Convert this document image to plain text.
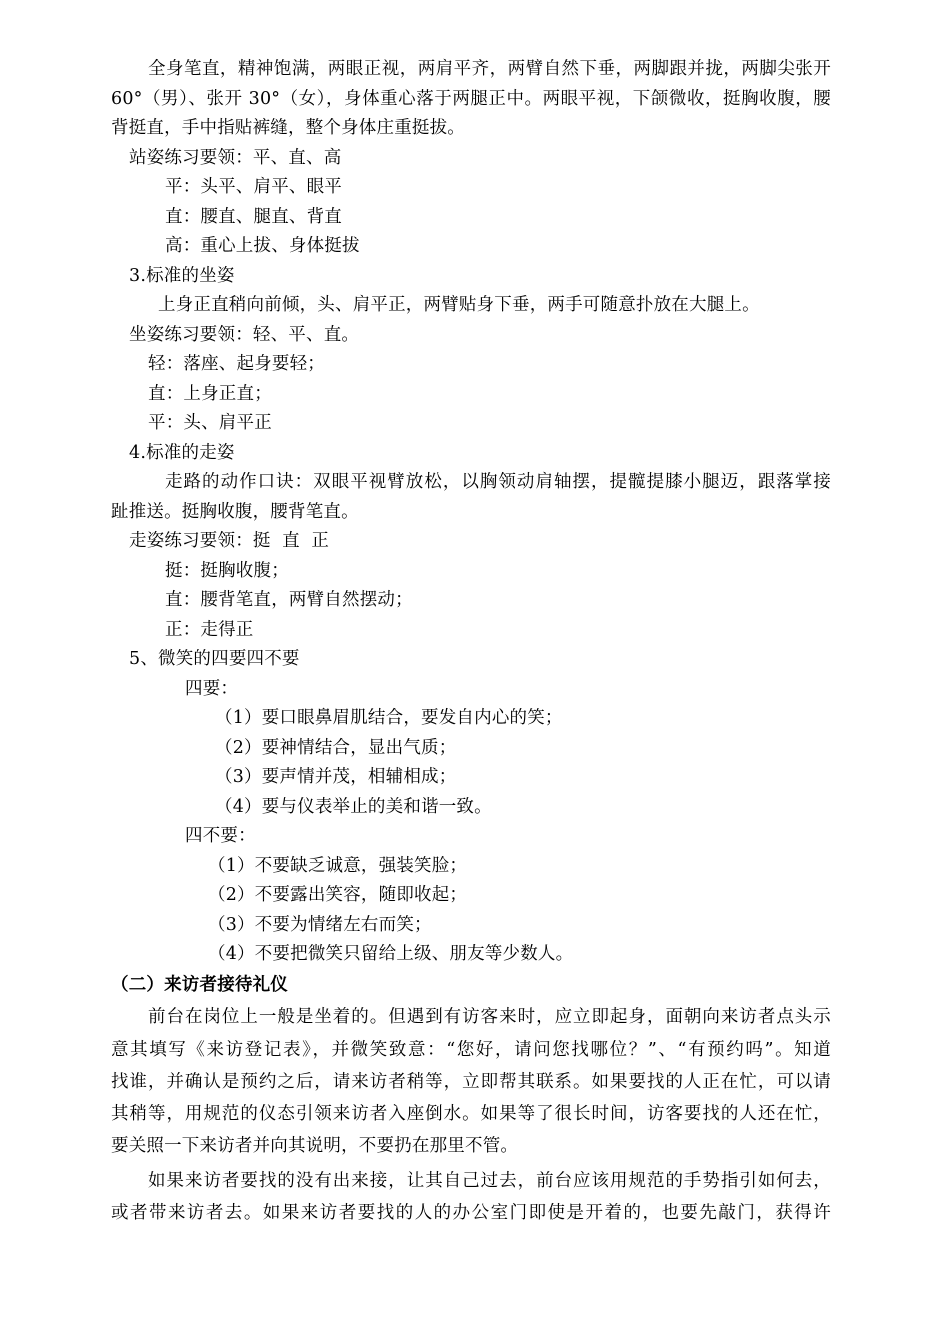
全身笔直，精神饱满，两眼正视，两肩平齐，两臂自然下垂，两脚跟并拢，两脚尖张开
60°（男）、张开 30°（女），身体重心落于两腿正中。两眼平视，下颌微收，挺胸收腹，腰
背挺直，手中指贴裤缝，整个身体庄重挺拔。
站姿练习要领：平、直、高
平：头平、肩平、眼平
直：腰直、腿直、背直
高：重心上拔、身体挺拔
3.标准的坐姿
上身正直稍向前倾，头、肩平正，两臂贴身下垂，两手可随意扑放在大腿上。
坐姿练习要领：轻、平、直。
轻：落座、起身要轻；
直：上身正直；
平：头、肩平正
4.标准的走姿
走路的动作口诀：双眼平视臂放松，以胸领动肩轴摆，提髋提膝小腿迈，跟落掌接
趾推送。挺胸收腹，腰背笔直。
走姿练习要领：挺  直  正
挺：挺胸收腹；
直：腰背笔直，两臂自然摆动；
正：走得正
5、微笑的四要四不要
四要：
（1）要口眼鼻眉肌结合，要发自内心的笑；
（2）要神情结合，显出气质；
（3）要声情并茂，相辅相成；
（4）要与仪表举止的美和谐一致。
四不要：
（1）不要缺乏诚意，强装笑脸；
（2）不要露出笑容，随即收起；
（3）不要为情绪左右而笑；
（4）不要把微笑只留给上级、朋友等少数人。
（二）来访者接待礼仪
前台在岗位上一般是坐着的。但遇到有访客来时，应立即起身，面朝向来访者点头示
意其填写《来访登记表》，并微笑致意：“您好，请问您找哪位？”、“有预约吗”。知道
找谁，并确认是预约之后，请来访者稍等，立即帮其联系。如果要找的人正在忙，可以请
其稍等，用规范的仪态引领来访者入座倒水。如果等了很长时间，访客要找的人还在忙，
要关照一下来访者并向其说明，不要扔在那里不管。
如果来访者要找的没有出来接，让其自己过去，前台应该用规范的手势指引如何去，
或者带来访者去。如果来访者要找的人的办公室门即使是开着的，也要先敲门，获得许
